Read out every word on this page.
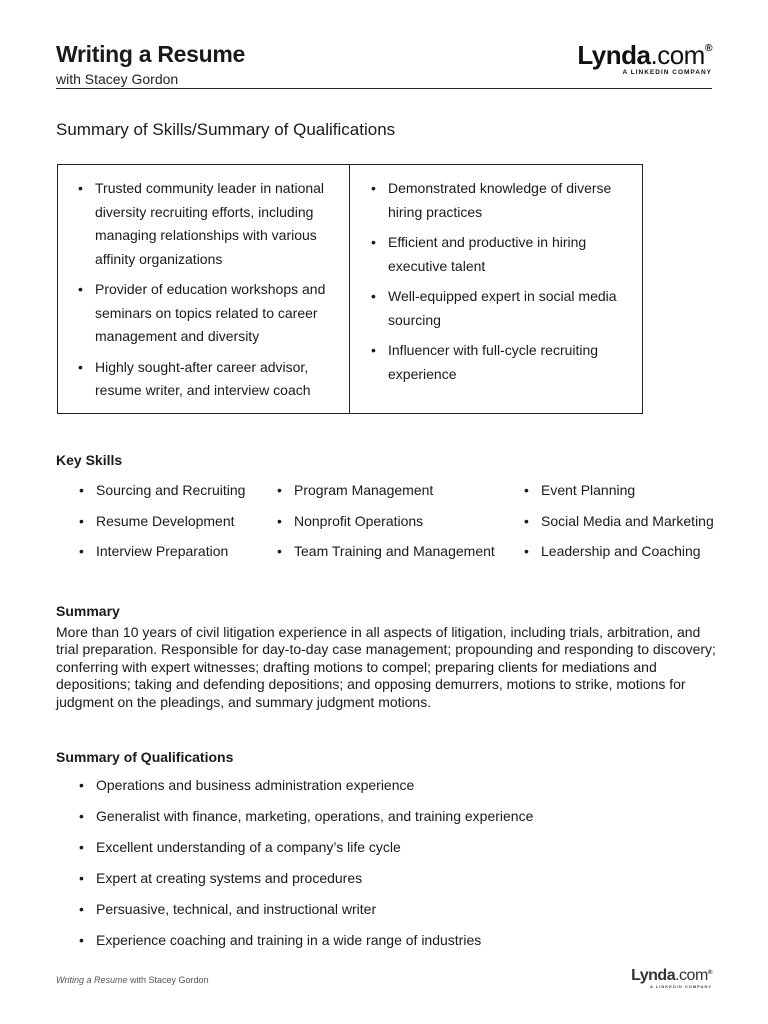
Writing a Resume
with Stacey Gordon
Lynda.com®
A LINKEDIN COMPANY
Summary of Skills/Summary of Qualifications
• Trusted community leader in national diversity recruiting efforts, including managing relationships with various affinity organizations
• Provider of education workshops and seminars on topics related to career management and diversity
• Highly sought-after career advisor, resume writer, and interview coach
• Demonstrated knowledge of diverse hiring practices
• Efficient and productive in hiring executive talent
• Well-equipped expert in social media sourcing
• Influencer with full-cycle recruiting experience
Key Skills
• Sourcing and Recruiting
• Resume Development
• Interview Preparation
• Program Management
• Nonprofit Operations
• Team Training and Management
• Event Planning
• Social Media and Marketing
• Leadership and Coaching
Summary

More than 10 years of civil litigation experience in all aspects of litigation, including trials, arbitration, and trial preparation. Responsible for day-to-day case management; propounding and responding to discovery; conferring with expert witnesses; drafting motions to compel; preparing clients for mediations and depositions; taking and defending depositions; and opposing demurrers, motions to strike, motions for judgment on the pleadings, and summary judgment motions.

Summary of Qualifications
• Operations and business administration experience
• Generalist with finance, marketing, operations, and training experience
• Excellent understanding of a company’s life cycle
• Expert at creating systems and procedures
• Persuasive, technical, and instructional writer
• Experience coaching and training in a wide range of industries
Writing a Resume with Stacey Gordon	Lynda.com®
A LINKEDIN COMPANY
